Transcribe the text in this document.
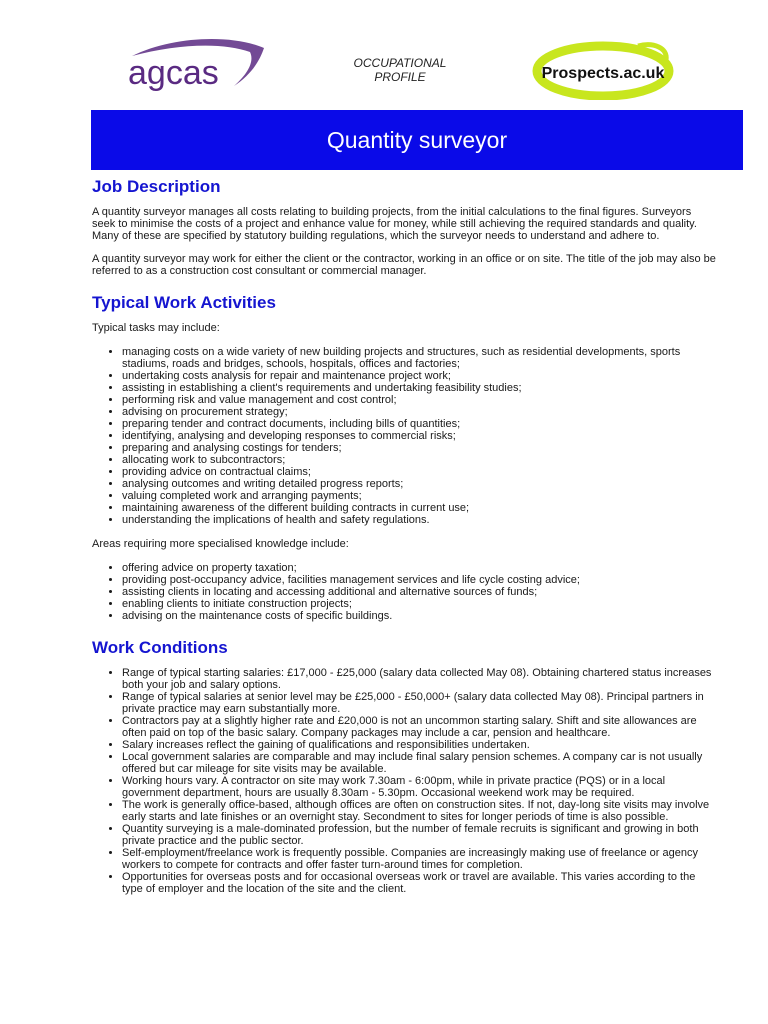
agcas	OCCUPATIONAL
PROFILE	Prospects.ac.uk
Quantity surveyor
Job Description

A quantity surveyor manages all costs relating to building projects, from the initial calculations to the final figures. Surveyors seek to minimise the costs of a project and enhance value for money, while still achieving the required standards and quality. Many of these are specified by statutory building regulations, which the surveyor needs to understand and adhere to.

A quantity surveyor may work for either the client or the contractor, working in an office or on site. The title of the job may also be referred to as a construction cost consultant or commercial manager.

Typical Work Activities

Typical tasks may include:

• managing costs on a wide variety of new building projects and structures, such as residential developments, sports stadiums, roads and bridges, schools, hospitals, offices and factories;
• undertaking costs analysis for repair and maintenance project work;
• assisting in establishing a client's requirements and undertaking feasibility studies;
• performing risk and value management and cost control;
• advising on procurement strategy;
• preparing tender and contract documents, including bills of quantities;
• identifying, analysing and developing responses to commercial risks;
• preparing and analysing costings for tenders;
• allocating work to subcontractors;
• providing advice on contractual claims;
• analysing outcomes and writing detailed progress reports;
• valuing completed work and arranging payments;
• maintaining awareness of the different building contracts in current use;
• understanding the implications of health and safety regulations.

Areas requiring more specialised knowledge include:

• offering advice on property taxation;
• providing post-occupancy advice, facilities management services and life cycle costing advice;
• assisting clients in locating and accessing additional and alternative sources of funds;
• enabling clients to initiate construction projects;
• advising on the maintenance costs of specific buildings.
Work Conditions
• Range of typical starting salaries: £17,000 - £25,000 (salary data collected May 08). Obtaining chartered status increases both your job and salary options.
• Range of typical salaries at senior level may be £25,000 - £50,000+ (salary data collected May 08). Principal partners in private practice may earn substantially more.
• Contractors pay at a slightly higher rate and £20,000 is not an uncommon starting salary. Shift and site allowances are often paid on top of the basic salary. Company packages may include a car, pension and healthcare.
• Salary increases reflect the gaining of qualifications and responsibilities undertaken.
• Local government salaries are comparable and may include final salary pension schemes. A company car is not usually offered but car mileage for site visits may be available.
• Working hours vary. A contractor on site may work 7.30am - 6:00pm, while in private practice (PQS) or in a local government department, hours are usually 8.30am - 5.30pm. Occasional weekend work may be required.
• The work is generally office-based, although offices are often on construction sites. If not, day-long site visits may involve early starts and late finishes or an overnight stay. Secondment to sites for longer periods of time is also possible.
• Quantity surveying is a male-dominated profession, but the number of female recruits is significant and growing in both private practice and the public sector.
• Self-employment/freelance work is frequently possible. Companies are increasingly making use of freelance or agency workers to compete for contracts and offer faster turn-around times for completion.
• Opportunities for overseas posts and for occasional overseas work or travel are available. This varies according to the type of employer and the location of the site and the client.
